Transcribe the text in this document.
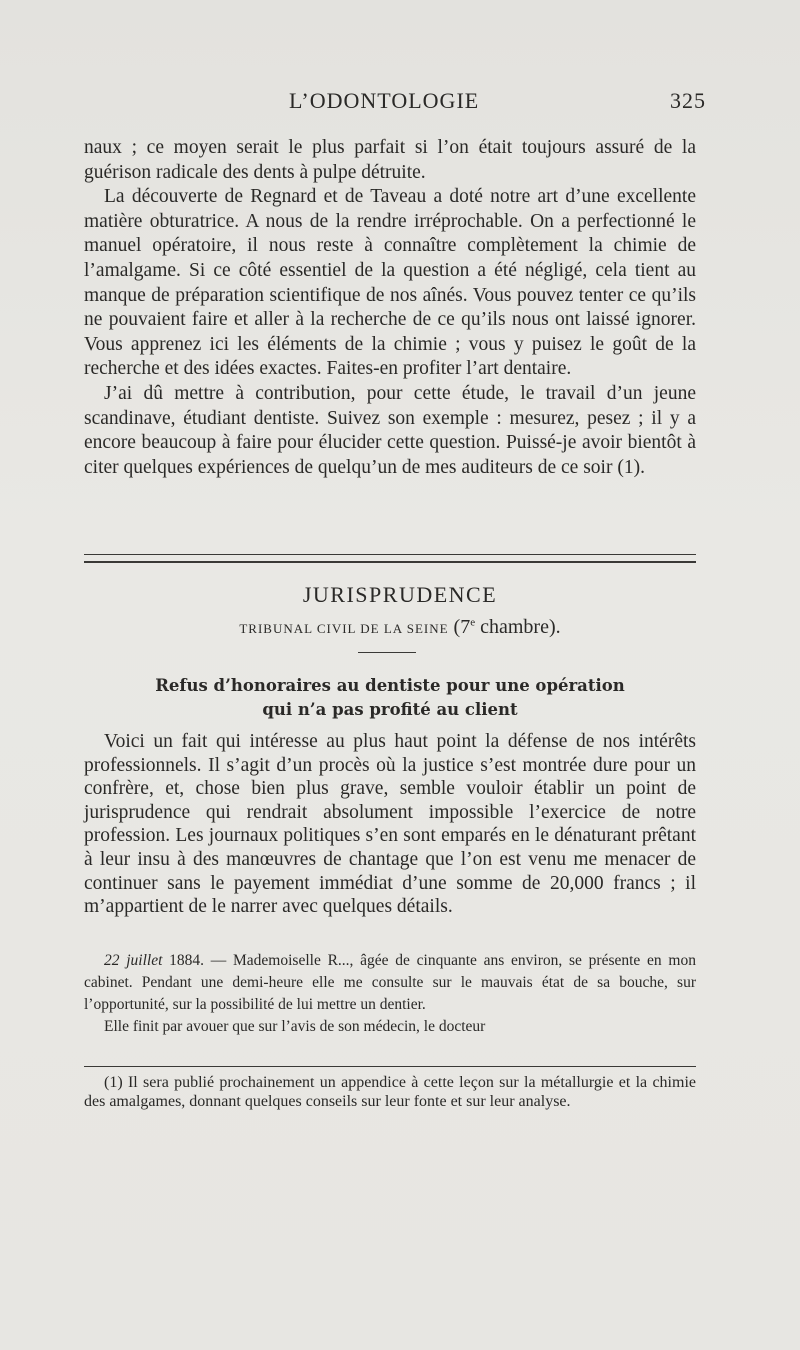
L’ODONTOLOGIE	325

naux ; ce moyen serait le plus parfait si l’on était toujours assuré de la guérison radicale des dents à pulpe détruite.

La découverte de Regnard et de Taveau a doté notre art d’une excellente matière obturatrice. A nous de la rendre irréprochable. On a perfectionné le manuel opératoire, il nous reste à connaître complètement la chimie de l’amalgame. Si ce côté essentiel de la question a été négligé, cela tient au manque de préparation scientifique de nos aînés. Vous pouvez tenter ce qu’ils ne pouvaient faire et aller à la recherche de ce qu’ils nous ont laissé ignorer. Vous apprenez ici les éléments de la chimie ; vous y puisez le goût de la recherche et des idées exactes. Faites-en profiter l’art dentaire.

J’ai dû mettre à contribution, pour cette étude, le travail d’un jeune scandinave, étudiant dentiste. Suivez son exemple : mesurez, pesez ; il y a encore beaucoup à faire pour élucider cette question. Puissé-je avoir bientôt à citer quelques expériences de quelqu’un de mes auditeurs de ce soir (1).

JURISPRUDENCE
TRIBUNAL CIVIL DE LA SEINE (7e chambre).
Refus d’honoraires au dentiste pour une opération
qui n’a pas profité au client

Voici un fait qui intéresse au plus haut point la défense de nos intérêts professionnels. Il s’agit d’un procès où la justice s’est montrée dure pour un confrère, et, chose bien plus grave, semble vouloir établir un point de jurisprudence qui rendrait absolument impossible l’exercice de notre profession. Les journaux politiques s’en sont emparés en le dénaturant prêtant à leur insu à des manœuvres de chantage que l’on est venu me menacer de continuer sans le payement immédiat d’une somme de 20,000 francs ; il m’appartient de le narrer avec quelques détails.

22 juillet 1884. — Mademoiselle R..., âgée de cinquante ans environ, se présente en mon cabinet. Pendant une demi-heure elle me consulte sur le mauvais état de sa bouche, sur l’opportunité, sur la possibilité de lui mettre un dentier.

Elle finit par avouer que sur l’avis de son médecin, le docteur

(1) Il sera publié prochainement un appendice à cette leçon sur la métallurgie et la chimie des amalgames, donnant quelques conseils sur leur fonte et sur leur analyse.
